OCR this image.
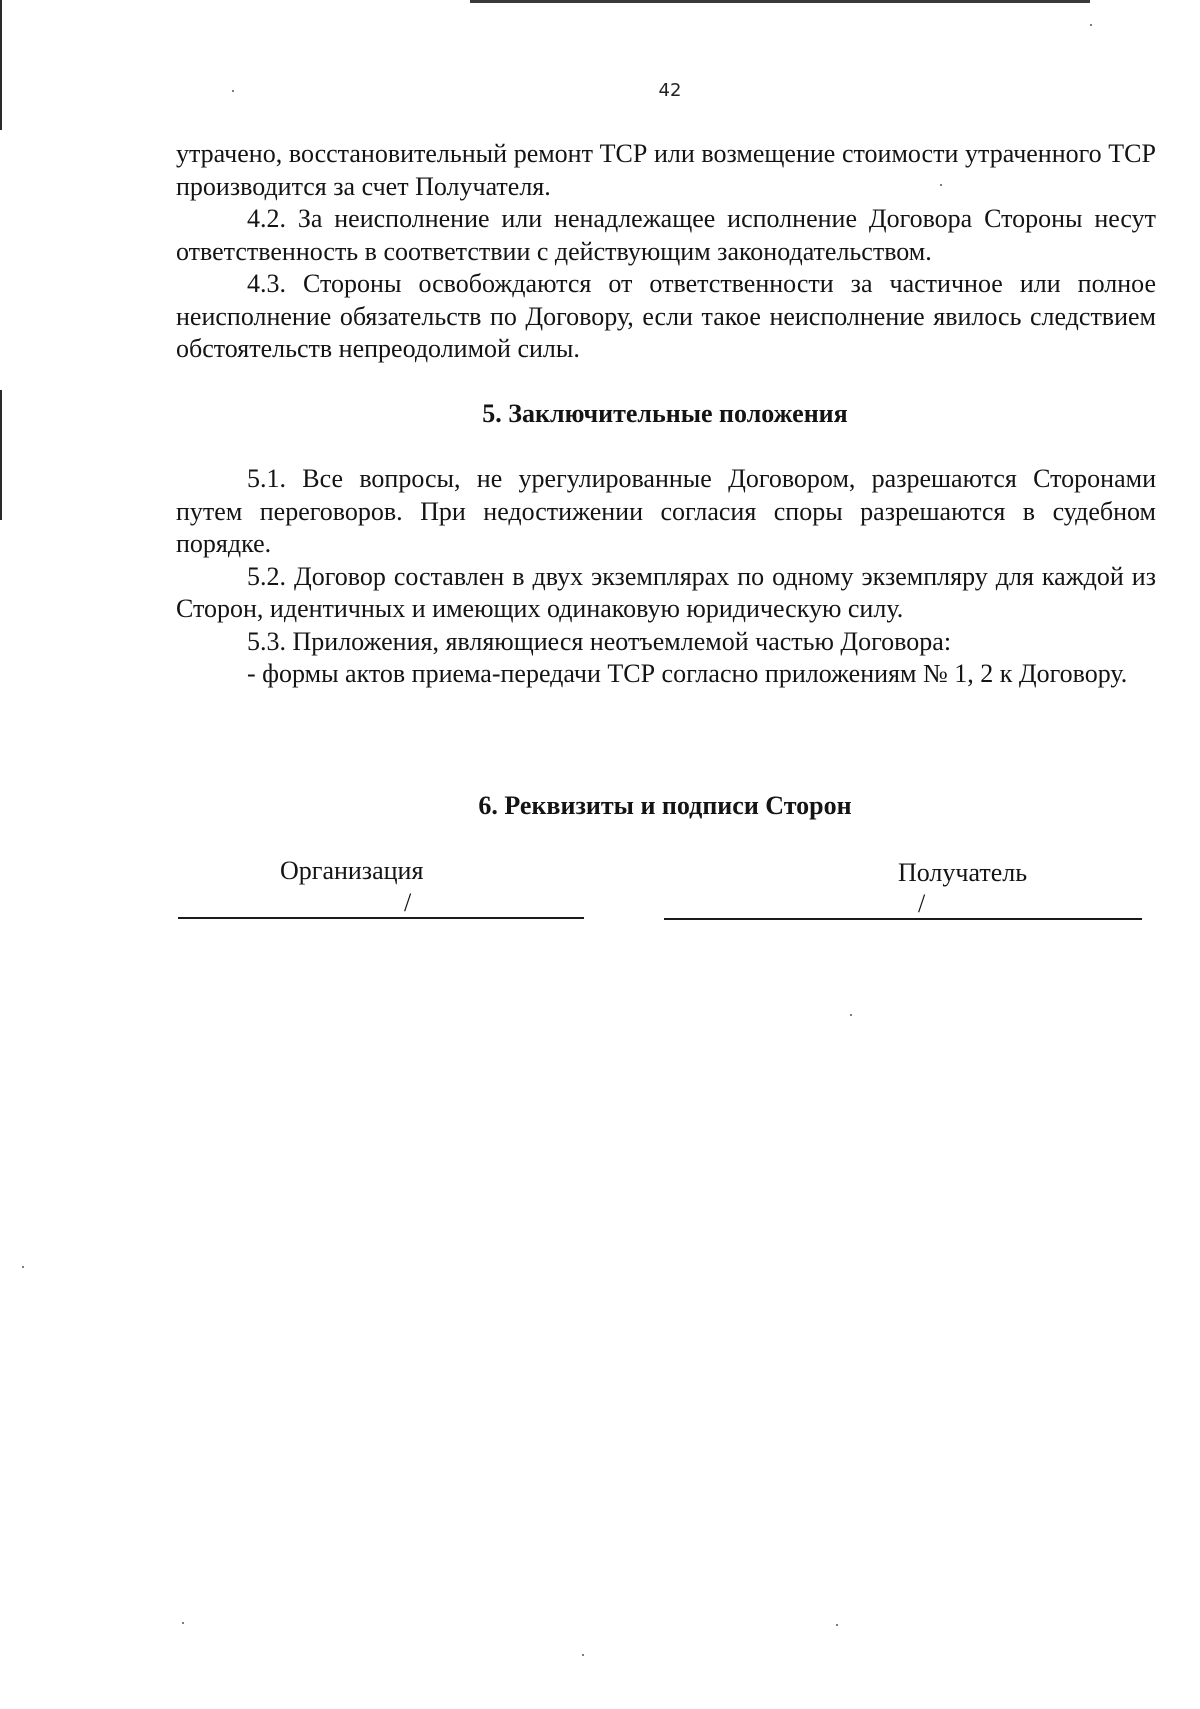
42

утрачено, восстановительный ремонт ТСР или возмещение стоимости утраченного ТСР производится за счет Получателя.

4.2. За неисполнение или ненадлежащее исполнение Договора Стороны несут ответственность в соответствии с действующим законодательством.

4.3. Стороны освобождаются от ответственности за частичное или полное неисполнение обязательств по Договору, если такое неисполнение явилось следствием обстоятельств непреодолимой силы.

5. Заключительные положения

5.1. Все вопросы, не урегулированные Договором, разрешаются Сторонами путем переговоров. При недостижении согласия споры разрешаются в судебном порядке.

5.2. Договор составлен в двух экземплярах по одному экземпляру для каждой из Сторон, идентичных и имеющих одинаковую юридическую силу.

5.3. Приложения, являющиеся неотъемлемой частью Договора:

- формы актов приема-передачи ТСР согласно приложениям № 1, 2 к Договору.

6. Реквизиты и подписи Сторон
Организация	Получатель
/	/
